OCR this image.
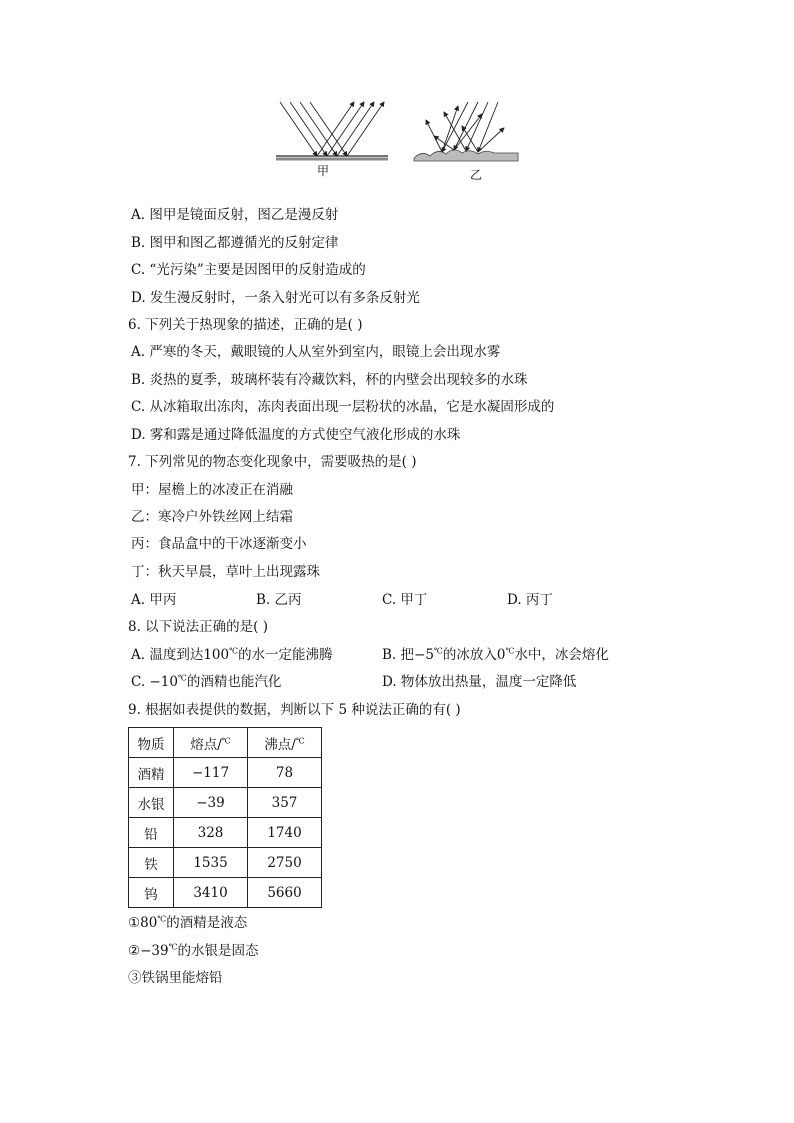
甲	乙
A. 图甲是镜面反射，图乙是漫反射
B. 图甲和图乙都遵循光的反射定律
C. “光污染”主要是因图甲的反射造成的
D. 发生漫反射时，一条入射光可以有多条反射光
6. 下列关于热现象的描述，正确的是( )
A. 严寒的冬天，戴眼镜的人从室外到室内，眼镜上会出现水雾
B. 炎热的夏季，玻璃杯装有冷藏饮料，杯的内壁会出现较多的水珠
C. 从冰箱取出冻肉，冻肉表面出现一层粉状的冰晶，它是水凝固形成的
D. 雾和露是通过降低温度的方式使空气液化形成的水珠
7. 下列常见的物态变化现象中，需要吸热的是( )
甲：屋檐上的冰凌正在消融
乙：寒冷户外铁丝网上结霜
丙：食品盒中的干冰逐渐变小
丁：秋天早晨，草叶上出现露珠
A. 甲丙	B. 乙丙	C. 甲丁	D. 丙丁
8. 以下说法正确的是( )
A. 温度到达100℃的水一定能沸腾	B. 把−5℃的冰放入0℃水中，冰会熔化
C. −10℃的酒精也能汽化	D. 物体放出热量，温度一定降低
9. 根据如表提供的数据，判断以下 5 种说法正确的有( )
物质	熔点/℃	沸点/℃
酒精	−117	78
水银	−39	357
铅	328	1740
铁	1535	2750
钨	3410	5660
①80℃的酒精是液态
②−39℃的水银是固态
③铁锅里能熔铅
